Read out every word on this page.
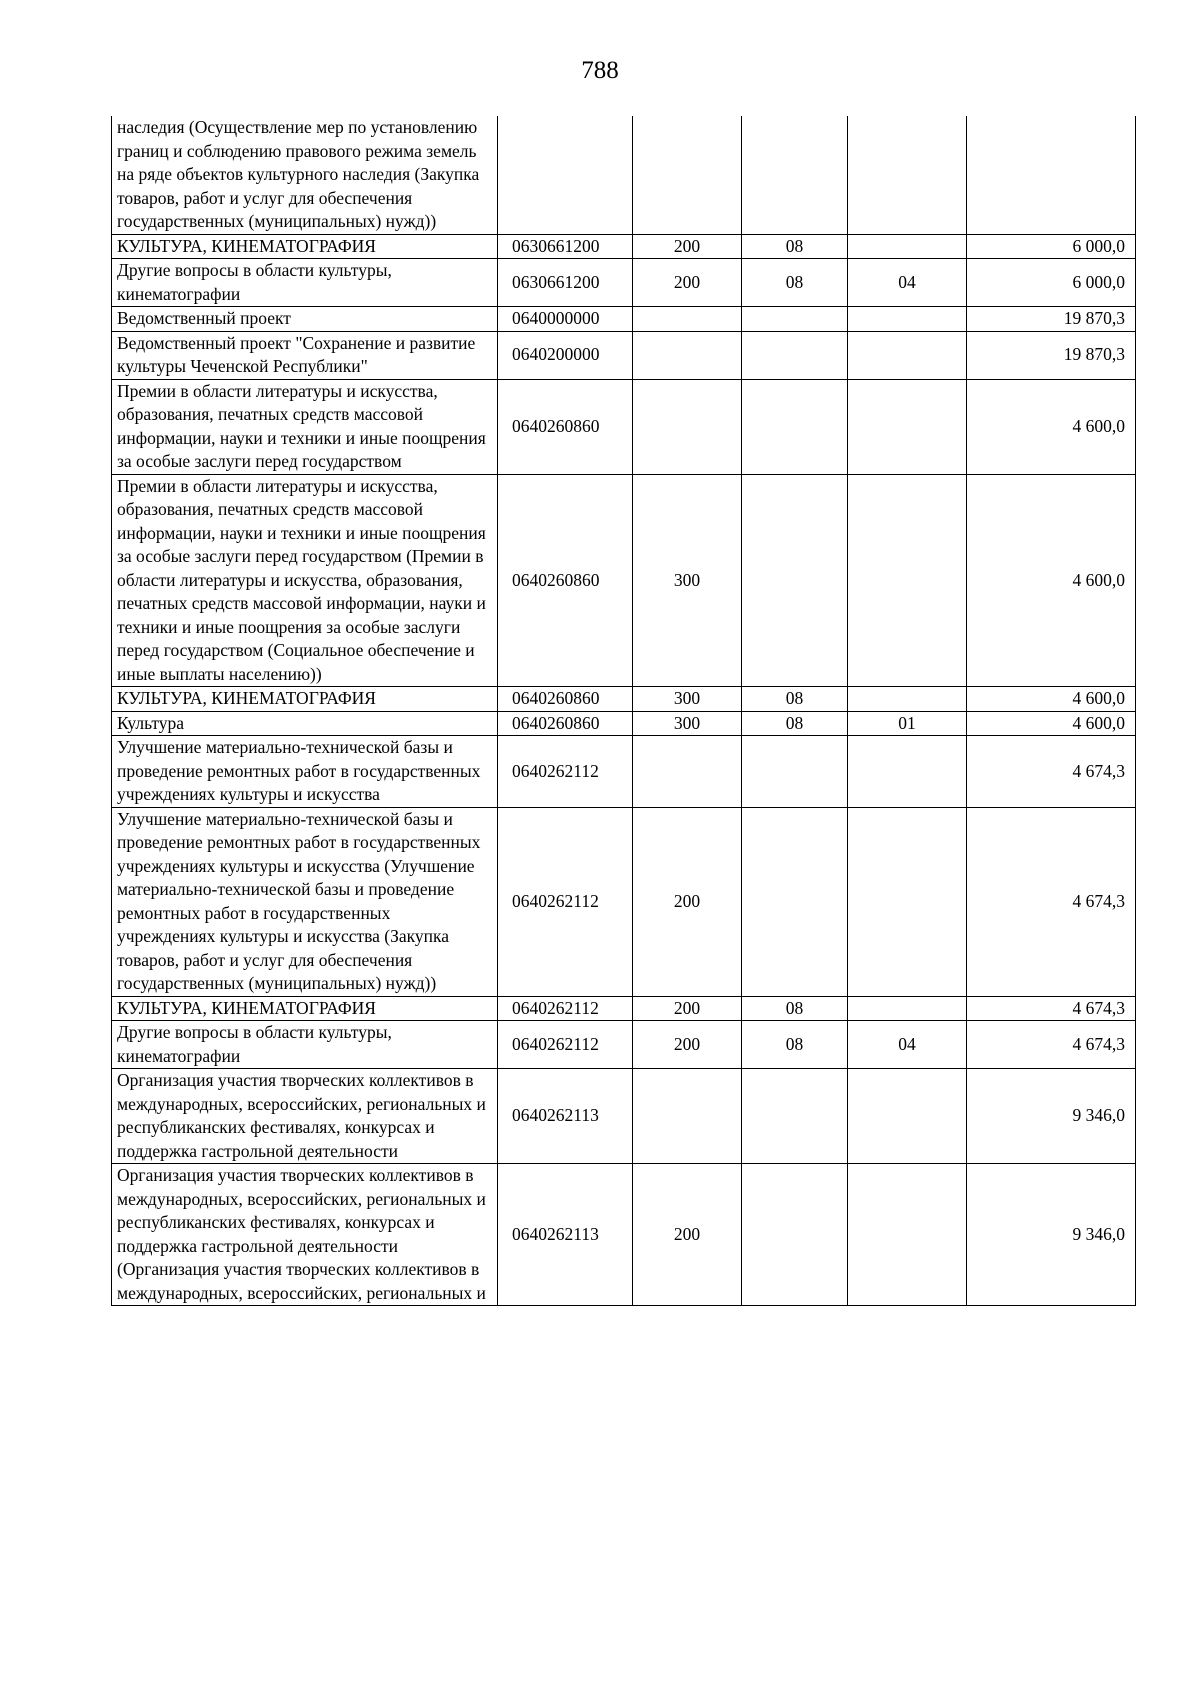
788
наследия (Осуществление мер по установлению границ и соблюдению правового режима земель на ряде объектов культурного наследия (Закупка товаров, работ и услуг для обеспечения государственных (муниципальных) нужд))					
КУЛЬТУРА, КИНЕМАТОГРАФИЯ	0630661200	200	08		6 000,0
Другие вопросы в области культуры, кинематографии	0630661200	200	08	04	6 000,0
Ведомственный проект	0640000000				19 870,3
Ведомственный проект "Сохранение и развитие культуры Чеченской Республики"	0640200000				19 870,3
Премии в области литературы и искусства, образования, печатных средств массовой информации, науки и техники и иные поощрения за особые заслуги перед государством	0640260860				4 600,0
Премии в области литературы и искусства, образования, печатных средств массовой информации, науки и техники и иные поощрения за особые заслуги перед государством (Премии в области литературы и искусства, образования, печатных средств массовой информации, науки и техники и иные поощрения за особые заслуги перед государством (Социальное обеспечение и иные выплаты населению))	0640260860	300			4 600,0
КУЛЬТУРА, КИНЕМАТОГРАФИЯ	0640260860	300	08		4 600,0
Культура	0640260860	300	08	01	4 600,0
Улучшение материально-технической базы и проведение ремонтных работ в государственных учреждениях культуры и искусства	0640262112				4 674,3
Улучшение материально-технической базы и проведение ремонтных работ в государственных учреждениях культуры и искусства (Улучшение материально-технической базы и проведение ремонтных работ в государственных учреждениях культуры и искусства (Закупка товаров, работ и услуг для обеспечения государственных (муниципальных) нужд))	0640262112	200			4 674,3
КУЛЬТУРА, КИНЕМАТОГРАФИЯ	0640262112	200	08		4 674,3
Другие вопросы в области культуры, кинематографии	0640262112	200	08	04	4 674,3
Организация участия творческих коллективов в международных, всероссийских, региональных и республиканских фестивалях, конкурсах и поддержка гастрольной деятельности	0640262113				9 346,0
Организация участия творческих коллективов в международных, всероссийских, региональных и республиканских фестивалях, конкурсах и поддержка гастрольной деятельности (Организация участия творческих коллективов в международных, всероссийских, региональных и	0640262113	200			9 346,0
